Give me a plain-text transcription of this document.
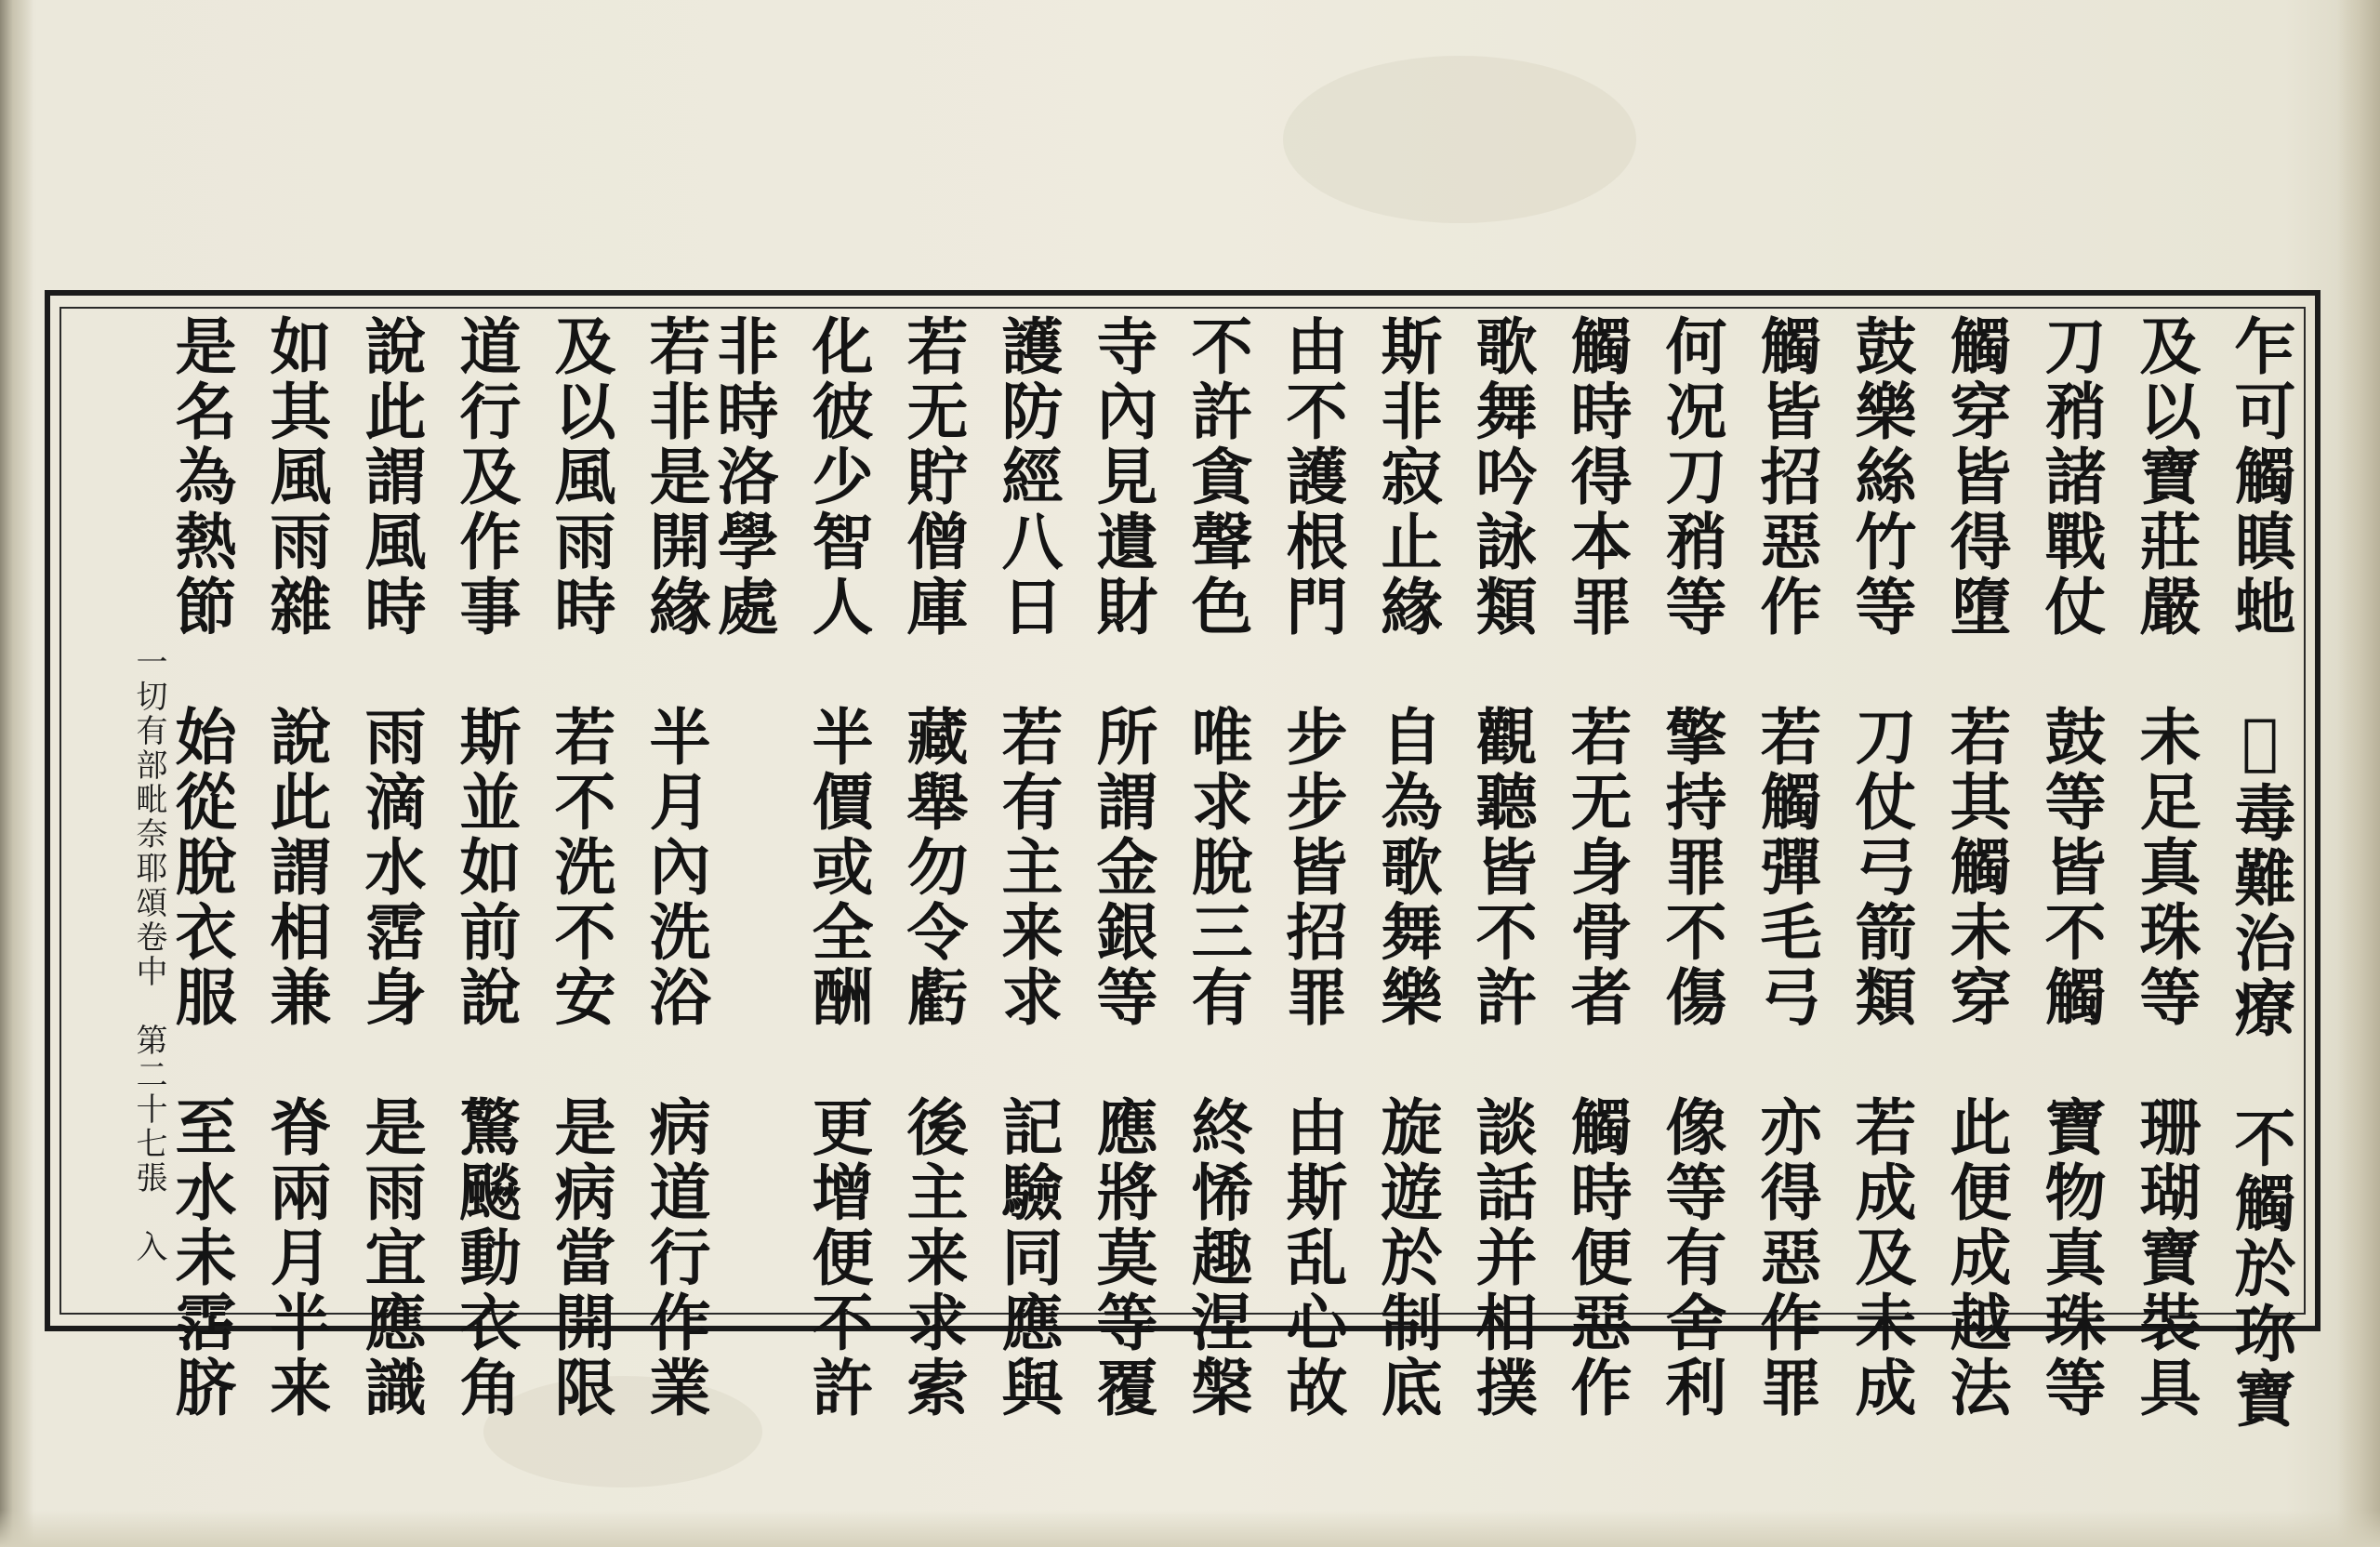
乍可觸瞋虵　𨣥毒難治療　不觸於珎寶
及以寶莊嚴　未足真珠等　珊瑚寶裝具
刀矟諸戰仗　鼓等皆不觸　寶物真珠等
觸穿皆得墮　若其觸未穿　此便成越法
鼓樂絲竹等　刀仗弓箭類　若成及未成
觸皆招惡作　若觸彈毛弓　亦得惡作罪
何况刀矟等　擎持罪不傷　像等有舍利
觸時得本罪　若无身骨者　觸時便惡作
歌舞吟詠類　觀聽皆不許　談話并相撲
斯非寂止緣　自為歌舞樂　旋遊於制底
由不護根門　步步皆招罪　由斯乱心故
不許貪聲色　唯求脫三有　終悕趣涅槃
寺內見遺財　所謂金銀等　應將莫等覆
護防經八日　若有主来求　記驗同應與
若无貯僧庫　藏舉勿令虧　後主来求索
化彼少智人　半價或全酬　更增便不許
非時洛學處
若非是開緣　半月內洗浴　病道行作業
及以風雨時　若不洗不安　是病當開限
道行及作事　斯並如前說　驚飈動衣角
說此謂風時　雨滴水霑身　是雨宜應識
如其風雨雜　說此謂相兼　脊兩月半来
是名為熱節　始從脫衣服　至水未霑脐
一切有部毗奈耶頌卷中　第二十七張　入
